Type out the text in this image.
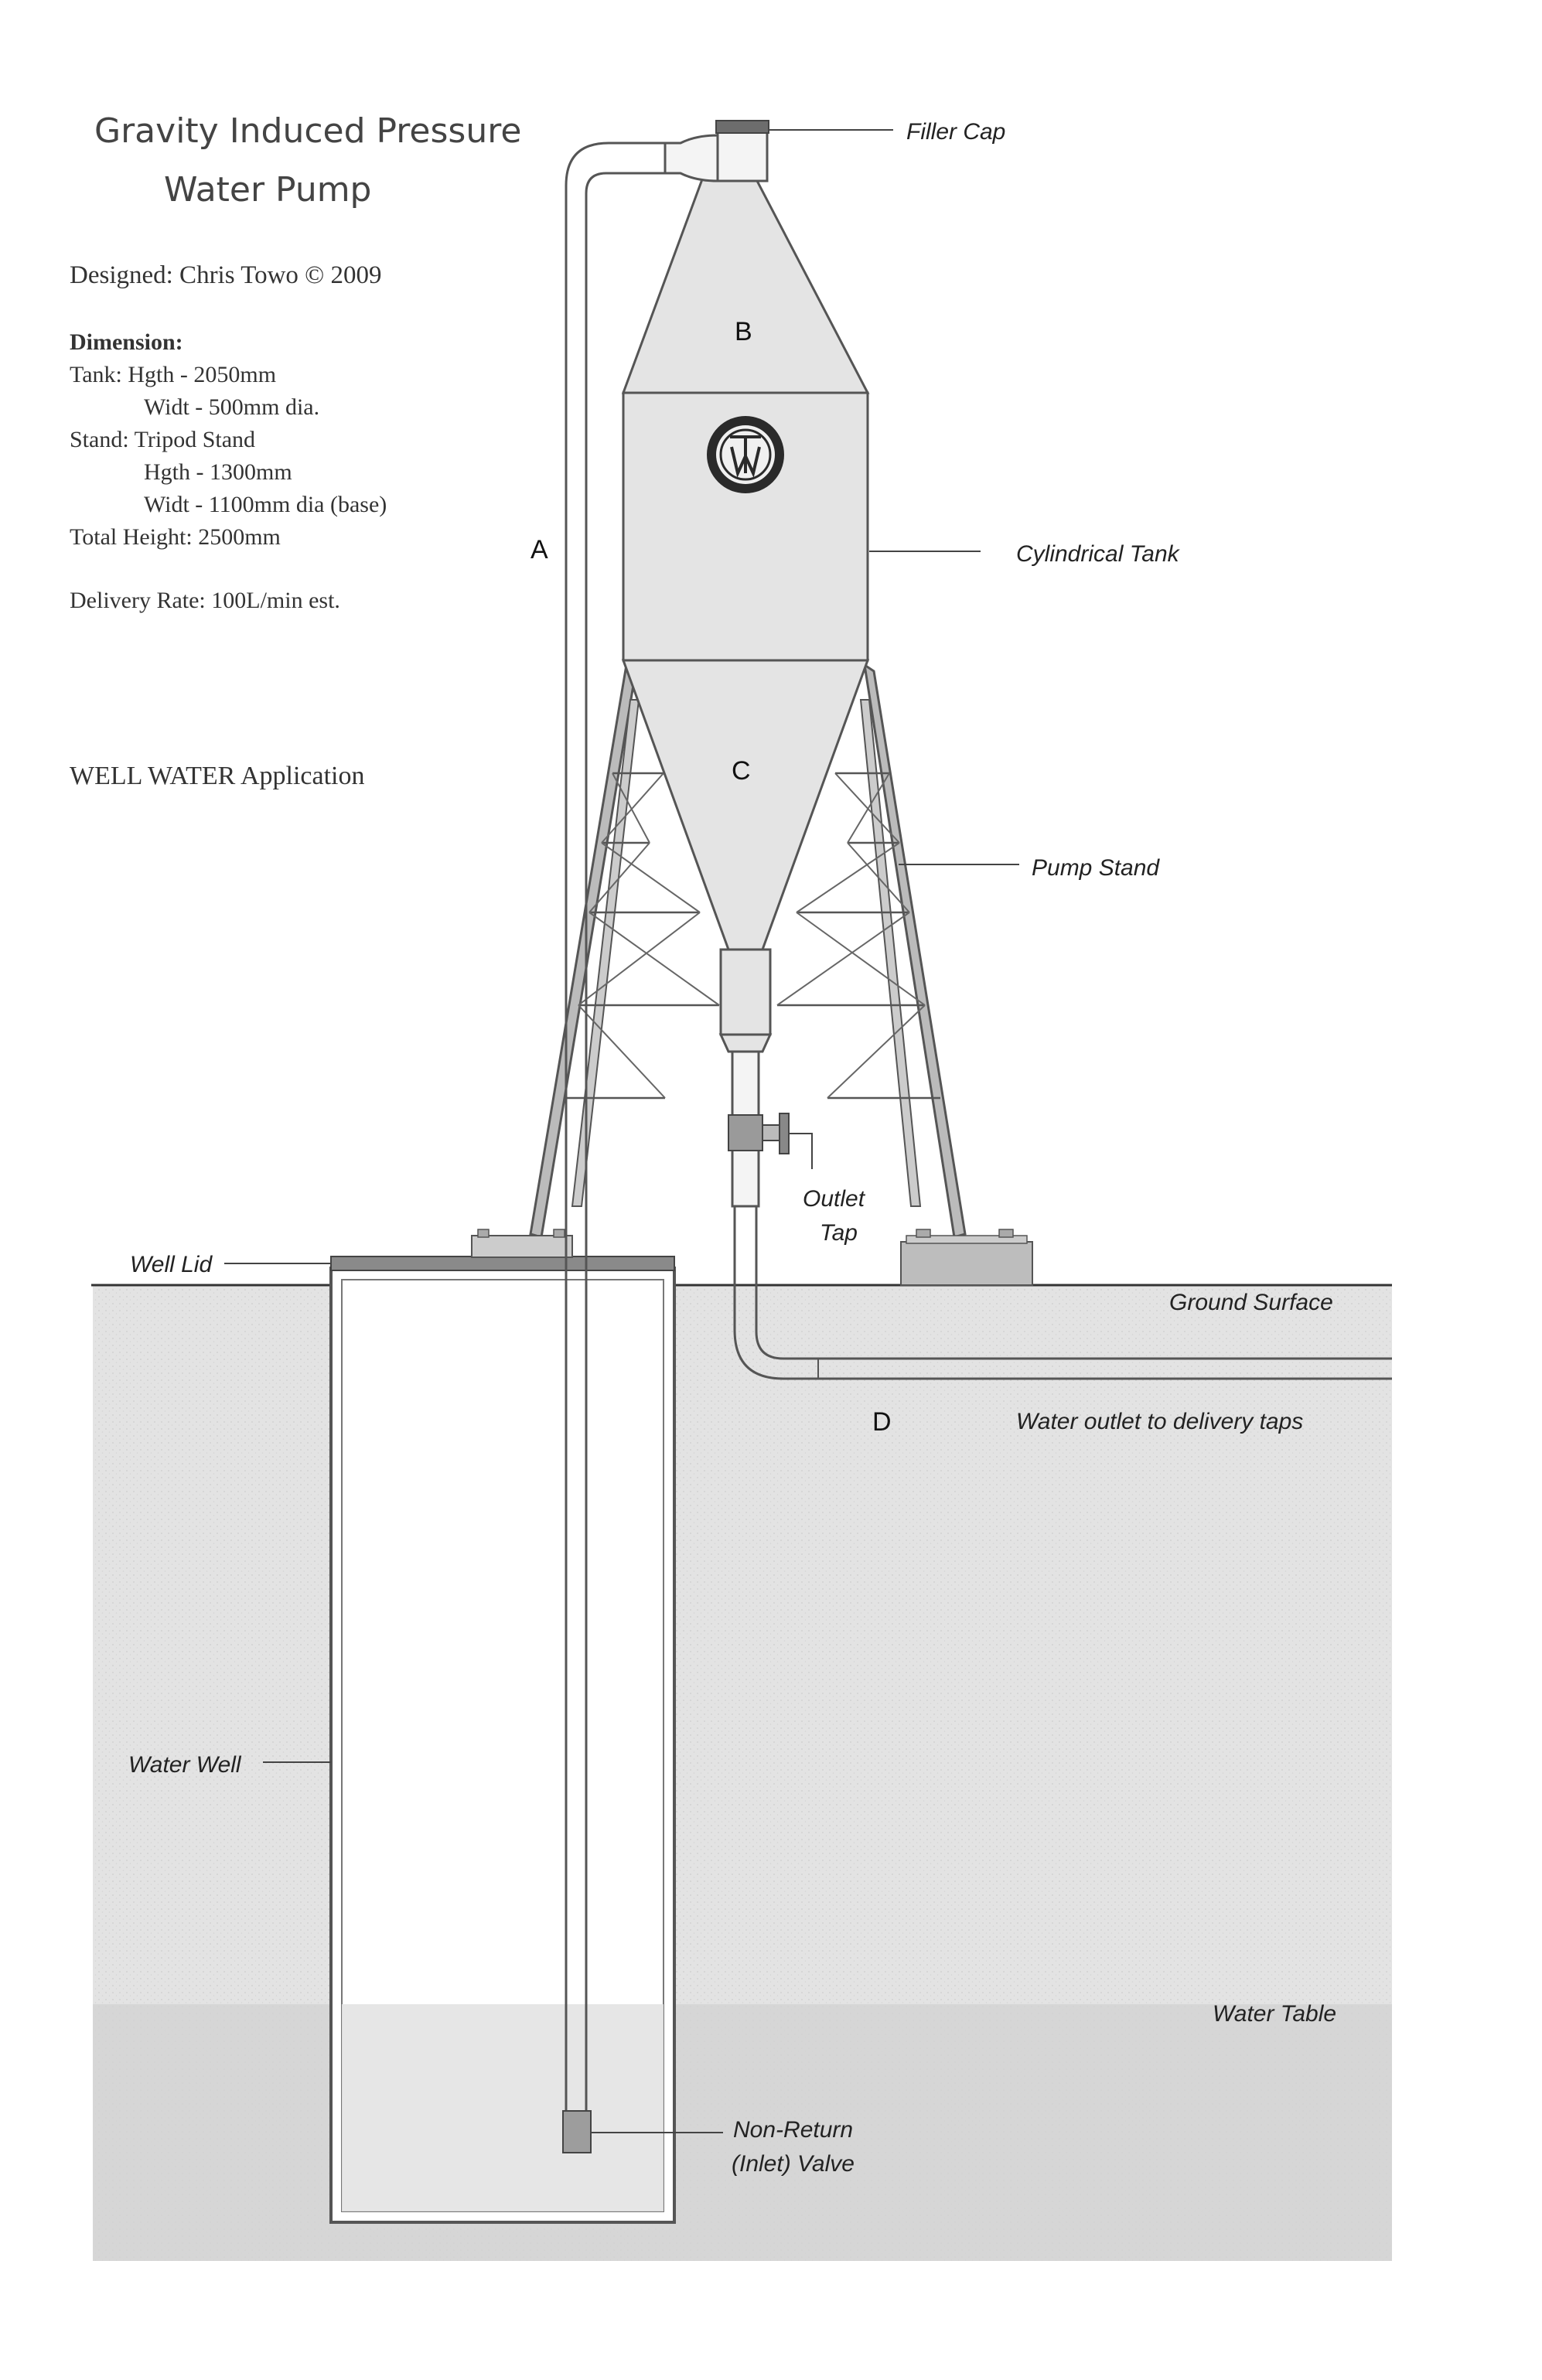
Gravity Induced Pressure
Water Pump
Designed: Chris Towo © 2009
Dimension:
Tank: Hgth - 2050mm
Widt - 500mm dia.
Stand: Tripod Stand
Hgth - 1300mm
Widt - 1100mm dia (base)
Total Height: 2500mm
Delivery Rate: 100L/min est.
WELL WATER Application
Filler Cap
Cylindrical Tank
Pump Stand
Outlet
Tap
Well Lid
Ground Surface
Water outlet to delivery taps
Water Well
Water Table
Non-Return
(Inlet) Valve
A
B
C
D
